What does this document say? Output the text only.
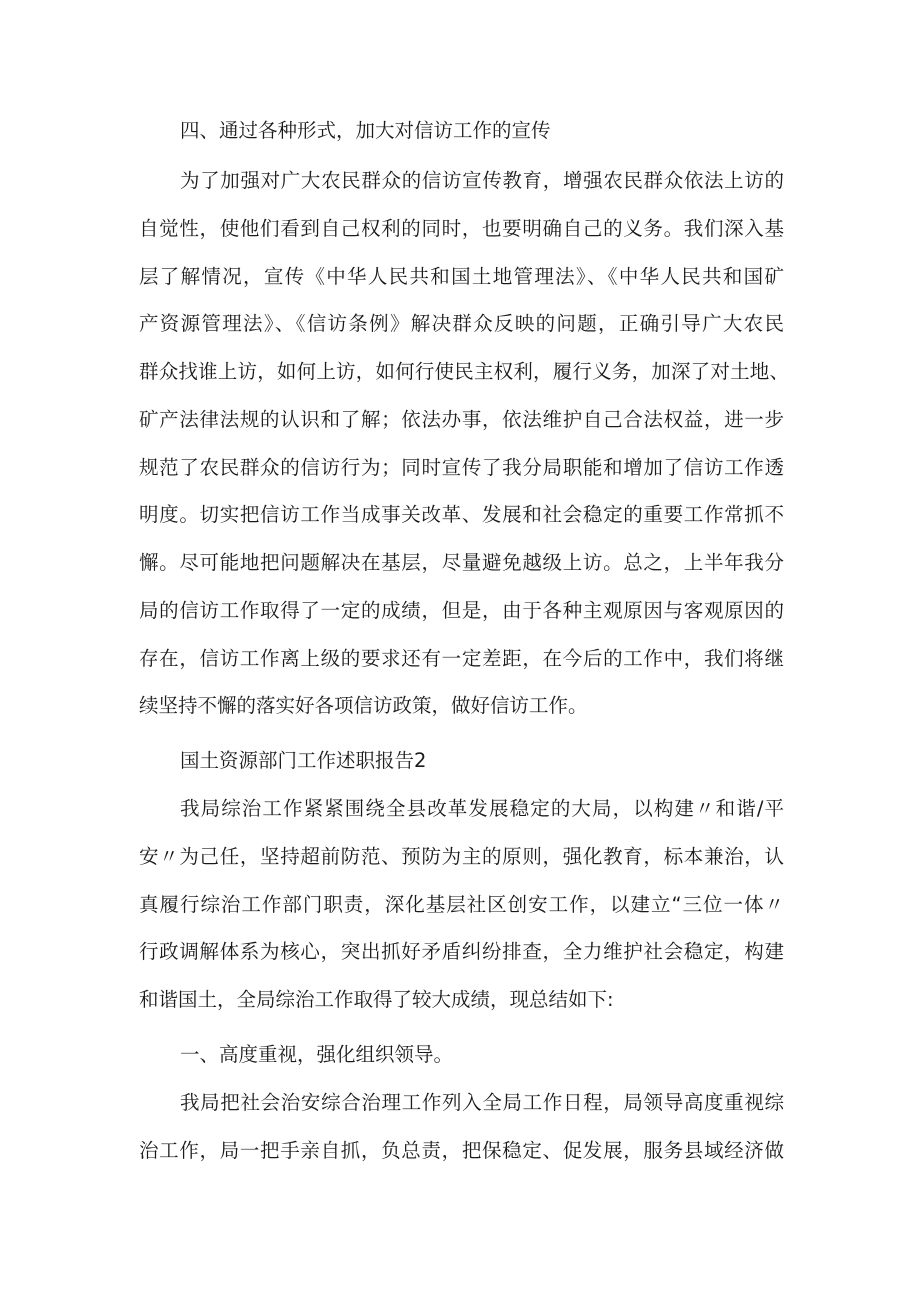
四、通过各种形式，加大对信访工作的宣传

为了加强对广大农民群众的信访宣传教育，增强农民群众依法上访的

自觉性，使他们看到自己权利的同时，也要明确自己的义务。我们深入基

层了解情况，宣传《中华人民共和国土地管理法》、《中华人民共和国矿

产资源管理法》、《信访条例》解决群众反映的问题，正确引导广大农民

群众找谁上访，如何上访，如何行使民主权利，履行义务，加深了对土地、

矿产法律法规的认识和了解；依法办事，依法维护自己合法权益，进一步

规范了农民群众的信访行为；同时宣传了我分局职能和增加了信访工作透

明度。切实把信访工作当成事关改革、发展和社会稳定的重要工作常抓不

懈。尽可能地把问题解决在基层，尽量避免越级上访。总之，上半年我分

局的信访工作取得了一定的成绩，但是，由于各种主观原因与客观原因的

存在，信访工作离上级的要求还有一定差距，在今后的工作中，我们将继

续坚持不懈的落实好各项信访政策，做好信访工作。

国土资源部门工作述职报告2

我局综治工作紧紧围绕全县改革发展稳定的大局，以构建〃和谐/平

安〃为己任，坚持超前防范、预防为主的原则，强化教育，标本兼治，认

真履行综治工作部门职责，深化基层社区创安工作，以建立“三位一体〃

行政调解体系为核心，突出抓好矛盾纠纷排查，全力维护社会稳定，构建

和谐国土，全局综治工作取得了较大成绩，现总结如下:

一、高度重视，强化组织领导。

我局把社会治安综合治理工作列入全局工作日程，局领导高度重视综

治工作，局一把手亲自抓，负总责，把保稳定、促发展，服务县域经济做
